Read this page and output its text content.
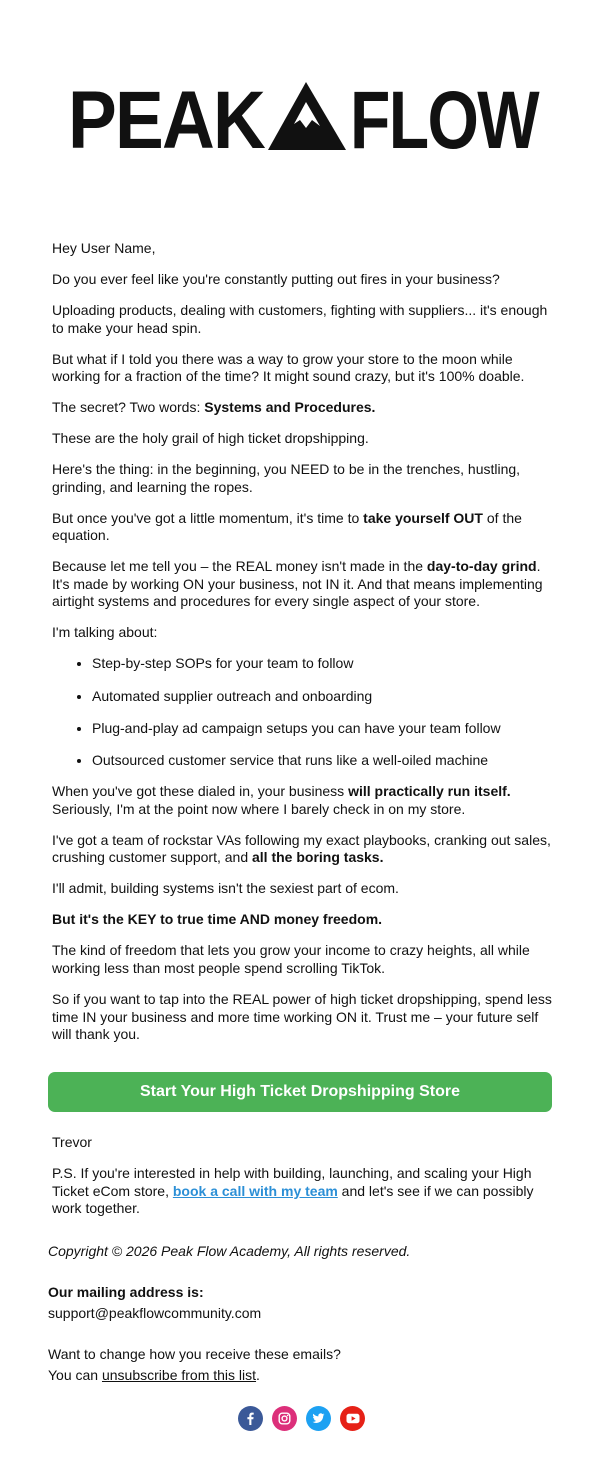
PEAK FLOW

Hey User Name,

Do you ever feel like you're constantly putting out fires in your business?

Uploading products, dealing with customers, fighting with suppliers... it's enough to make your head spin.

But what if I told you there was a way to grow your store to the moon while working for a fraction of the time? It might sound crazy, but it's 100% doable.

The secret? Two words: Systems and Procedures.

These are the holy grail of high ticket dropshipping.

Here's the thing: in the beginning, you NEED to be in the trenches, hustling, grinding, and learning the ropes.

But once you've got a little momentum, it's time to take yourself OUT of the equation.

Because let me tell you – the REAL money isn't made in the day-to-day grind. It's made by working ON your business, not IN it. And that means implementing airtight systems and procedures for every single aspect of your store.

I'm talking about:

• Step-by-step SOPs for your team to follow
• Automated supplier outreach and onboarding
• Plug-and-play ad campaign setups you can have your team follow
• Outsourced customer service that runs like a well-oiled machine

When you've got these dialed in, your business will practically run itself. Seriously, I'm at the point now where I barely check in on my store.

I've got a team of rockstar VAs following my exact playbooks, cranking out sales, crushing customer support, and all the boring tasks.

I'll admit, building systems isn't the sexiest part of ecom.

But it's the KEY to true time AND money freedom.

The kind of freedom that lets you grow your income to crazy heights, all while working less than most people spend scrolling TikTok.

So if you want to tap into the REAL power of high ticket dropshipping, spend less time IN your business and more time working ON it. Trust me – your future self will thank you.

Start Your High Ticket Dropshipping Store

Trevor

P.S. If you're interested in help with building, launching, and scaling your High Ticket eCom store, book a call with my team and let's see if we can possibly work together.

Copyright © 2026 Peak Flow Academy, All rights reserved.

Our mailing address is:

support@peakflowcommunity.com

Want to change how you receive these emails?

You can unsubscribe from this list.
